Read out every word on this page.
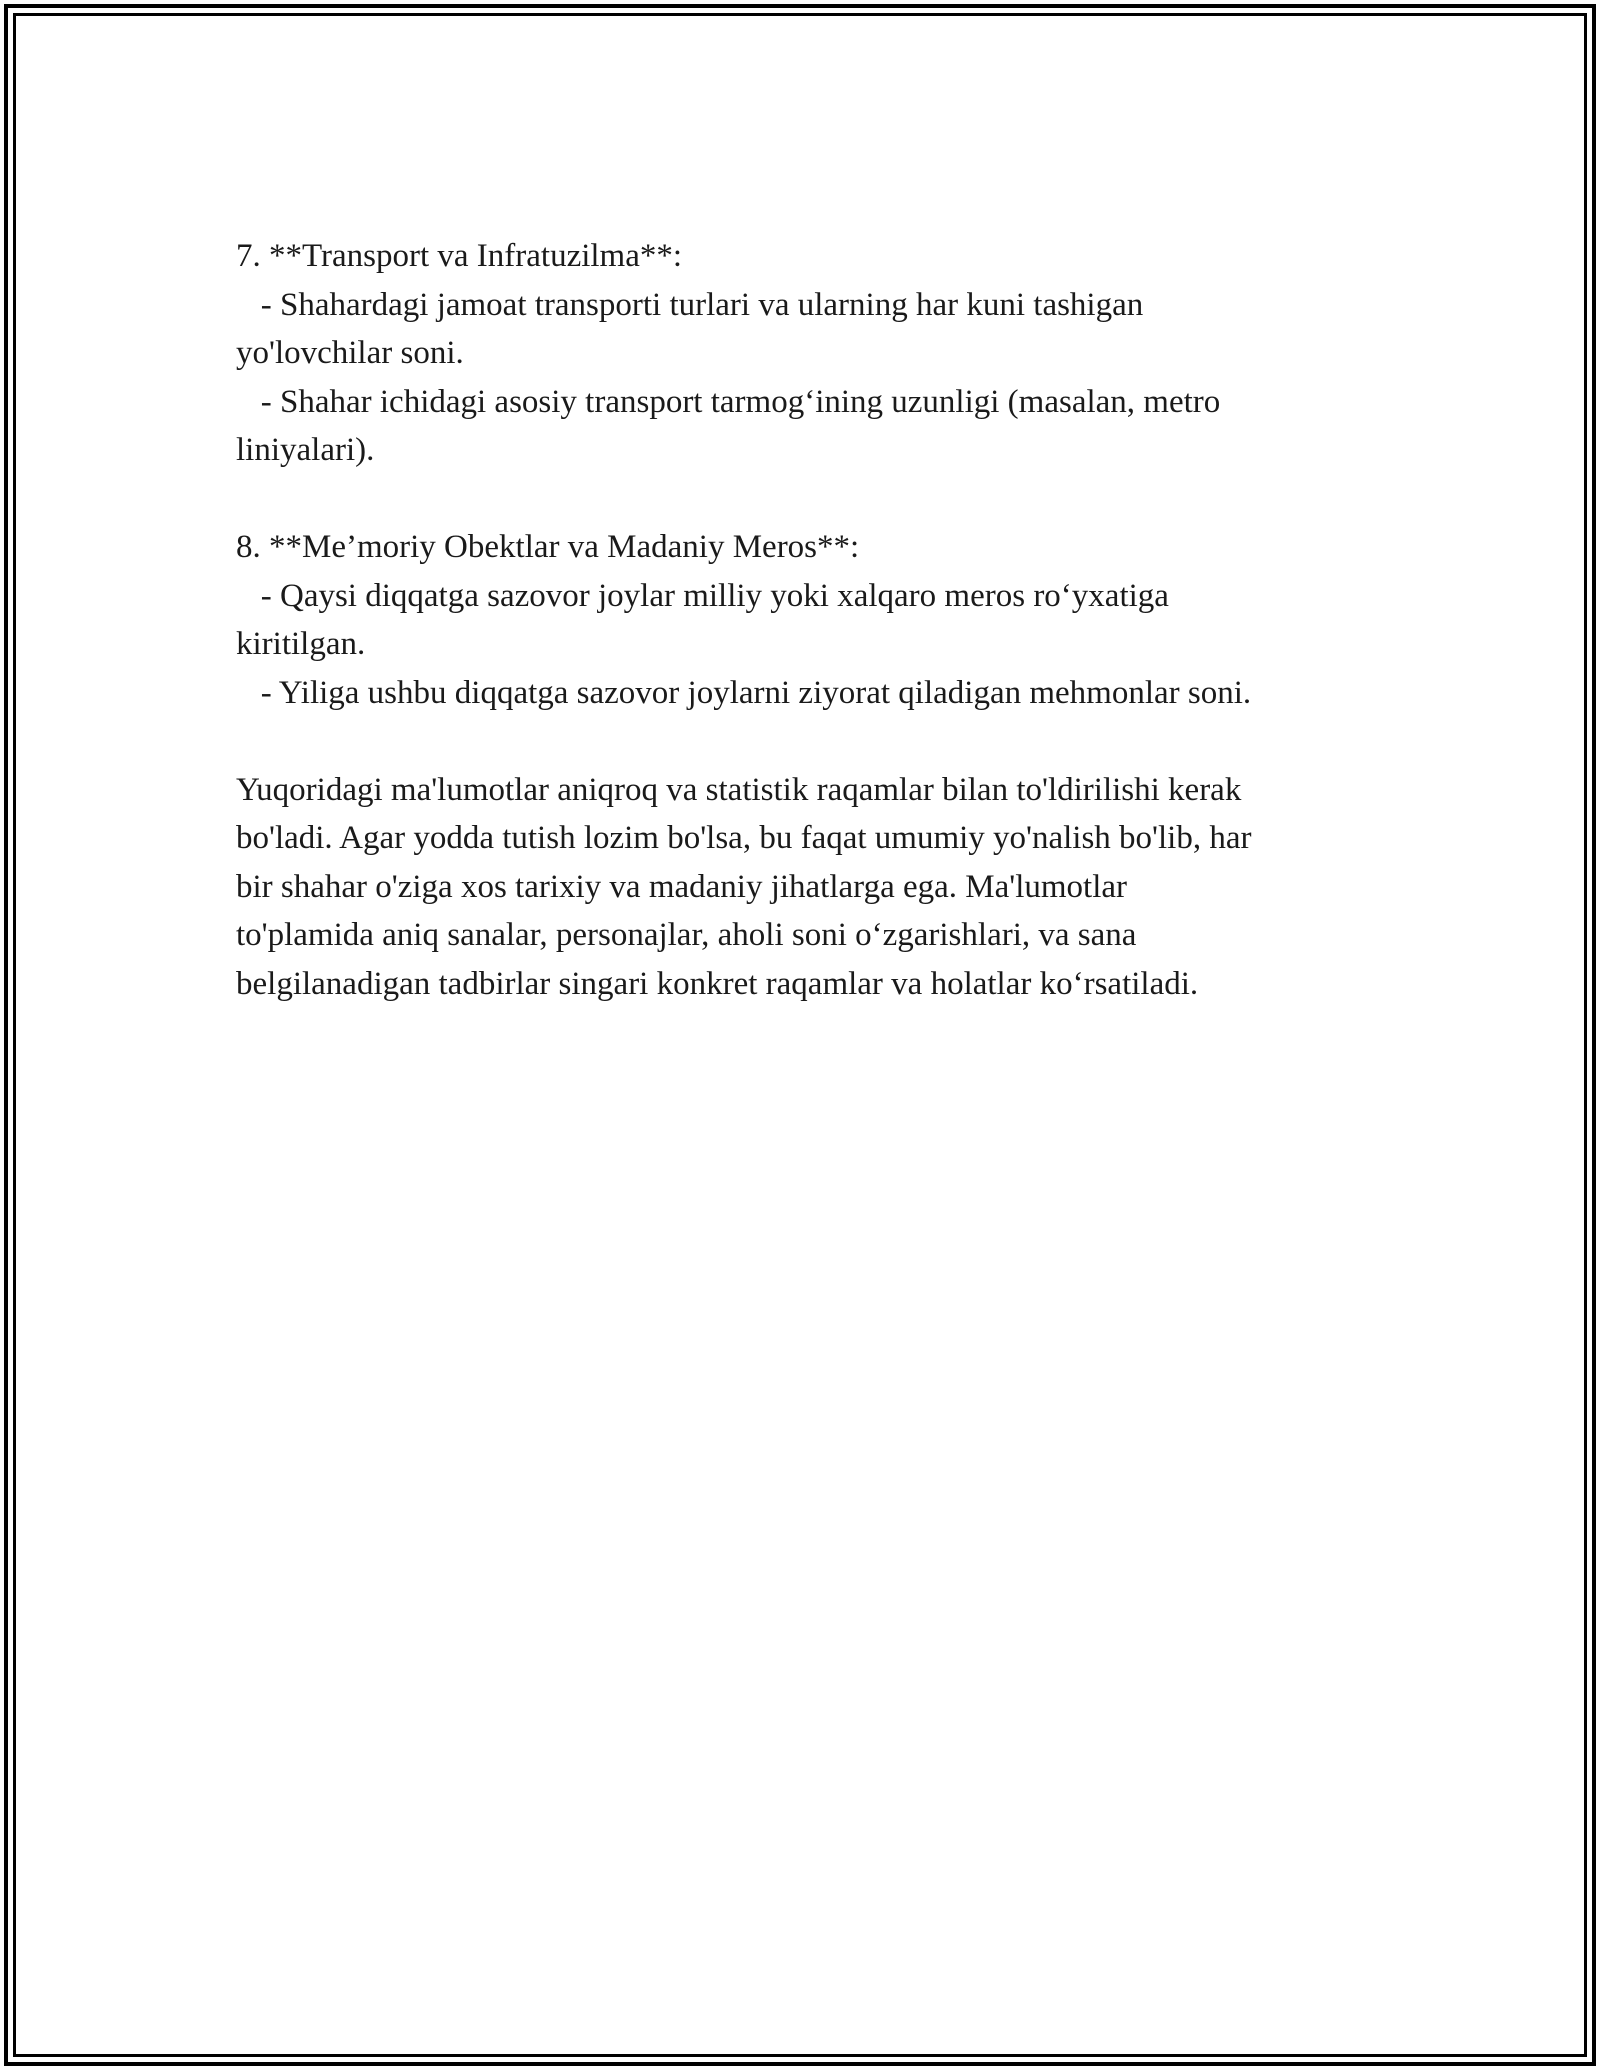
7. **Transport va Infratuzilma**:
- Shahardagi jamoat transporti turlari va ularning har kuni tashigan
yo'lovchilar soni.
- Shahar ichidagi asosiy transport tarmog‘ining uzunligi (masalan, metro
liniyalari).
8. **Me’moriy Obektlar va Madaniy Meros**:
- Qaysi diqqatga sazovor joylar milliy yoki xalqaro meros ro‘yxatiga
kiritilgan.
- Yiliga ushbu diqqatga sazovor joylarni ziyorat qiladigan mehmonlar soni.
Yuqoridagi ma'lumotlar aniqroq va statistik raqamlar bilan to'ldirilishi kerak
bo'ladi. Agar yodda tutish lozim bo'lsa, bu faqat umumiy yo'nalish bo'lib, har
bir shahar o'ziga xos tarixiy va madaniy jihatlarga ega. Ma'lumotlar
to'plamida aniq sanalar, personajlar, aholi soni o‘zgarishlari, va sana
belgilanadigan tadbirlar singari konkret raqamlar va holatlar ko‘rsatiladi.
